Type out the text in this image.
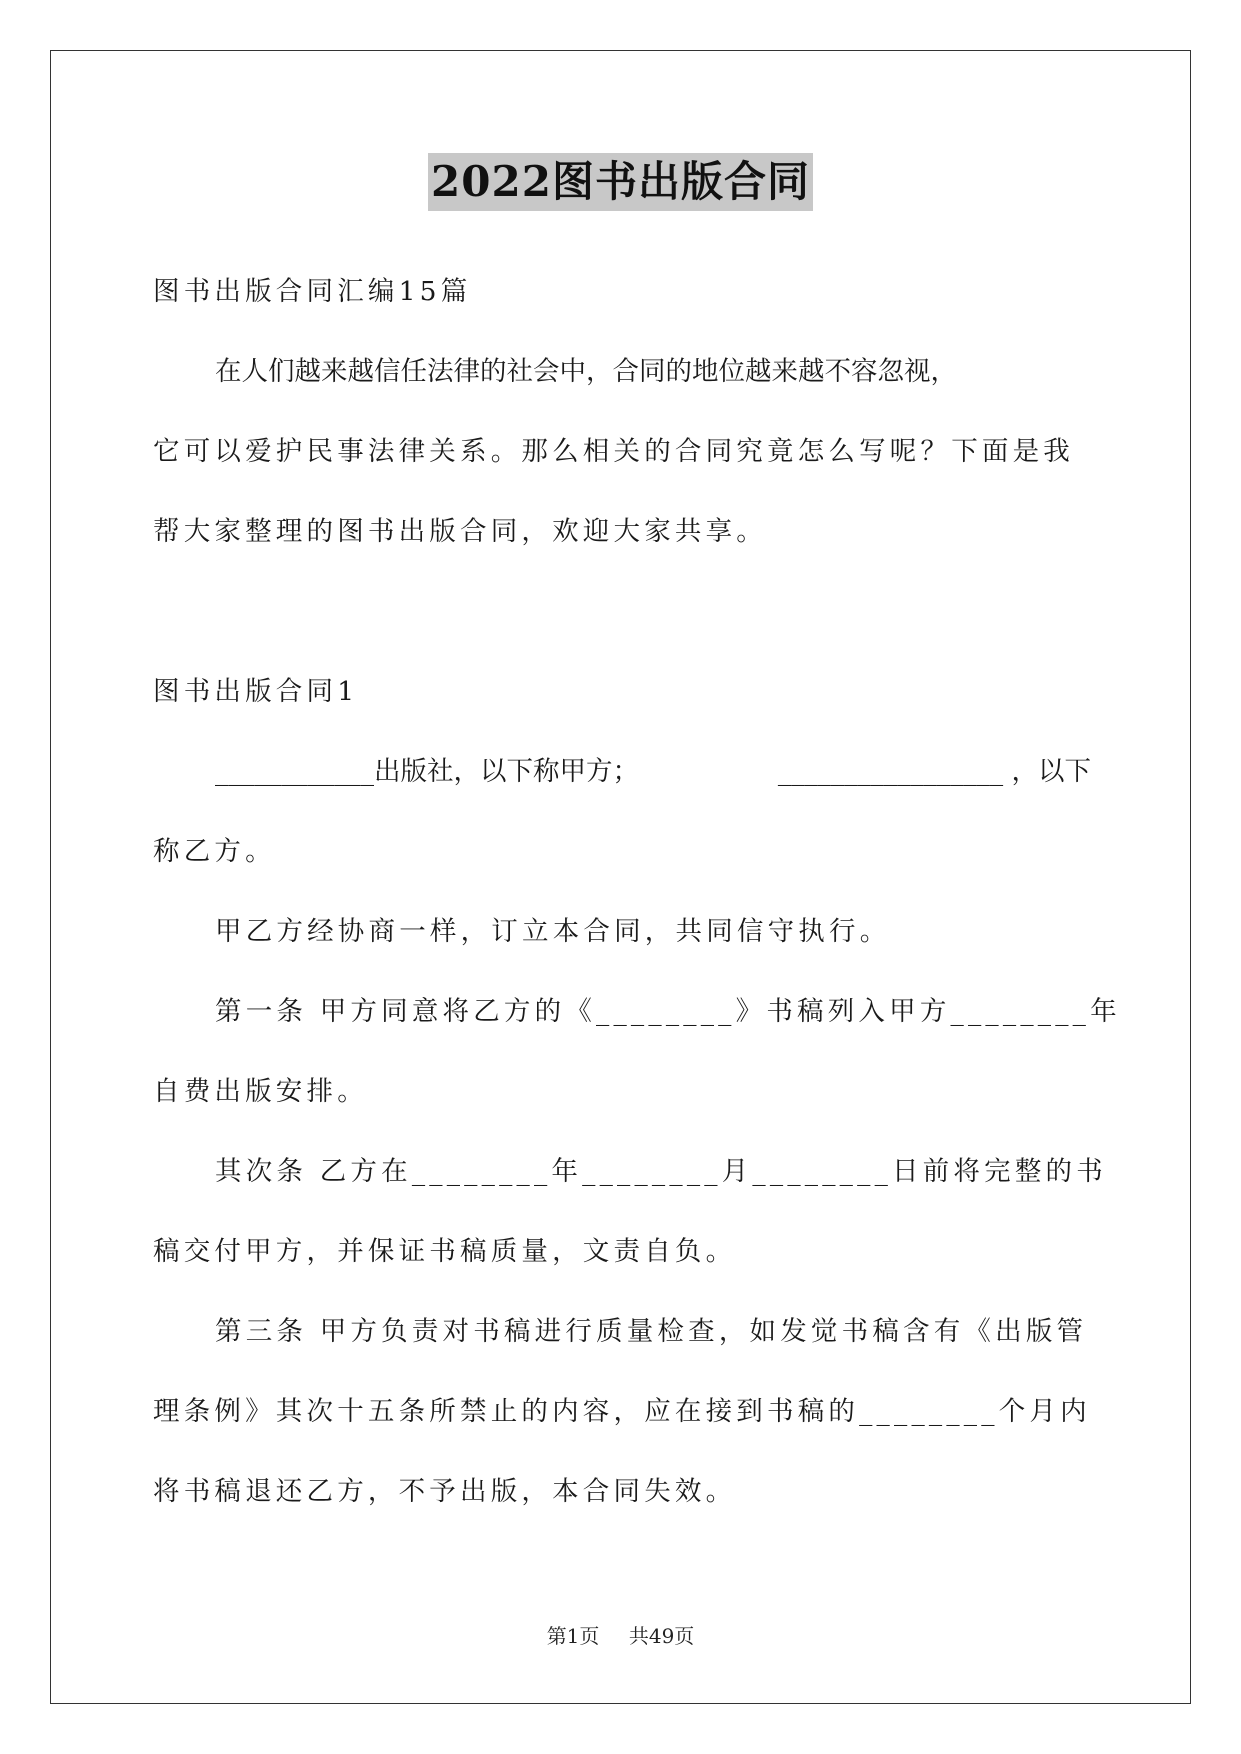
2022图书出版合同
图书出版合同汇编15篇
在人们越来越信任法律的社会中，合同的地位越来越不容忽视，
它可以爱护民事法律关系。那么相关的合同究竟怎么写呢？下面是我
帮大家整理的图书出版合同，欢迎大家共享。
图书出版合同1
____________出版社，以下称甲方；	_________________ ，以下
称乙方。
甲乙方经协商一样，订立本合同，共同信守执行。
第一条 甲方同意将乙方的《________》书稿列入甲方________年
自费出版安排。
其次条 乙方在________年________月________日前将完整的书
稿交付甲方，并保证书稿质量，文责自负。
第三条 甲方负责对书稿进行质量检查，如发觉书稿含有《出版管
理条例》其次十五条所禁止的内容，应在接到书稿的________个月内
将书稿退还乙方，不予出版，本合同失效。
第1页 共49页
